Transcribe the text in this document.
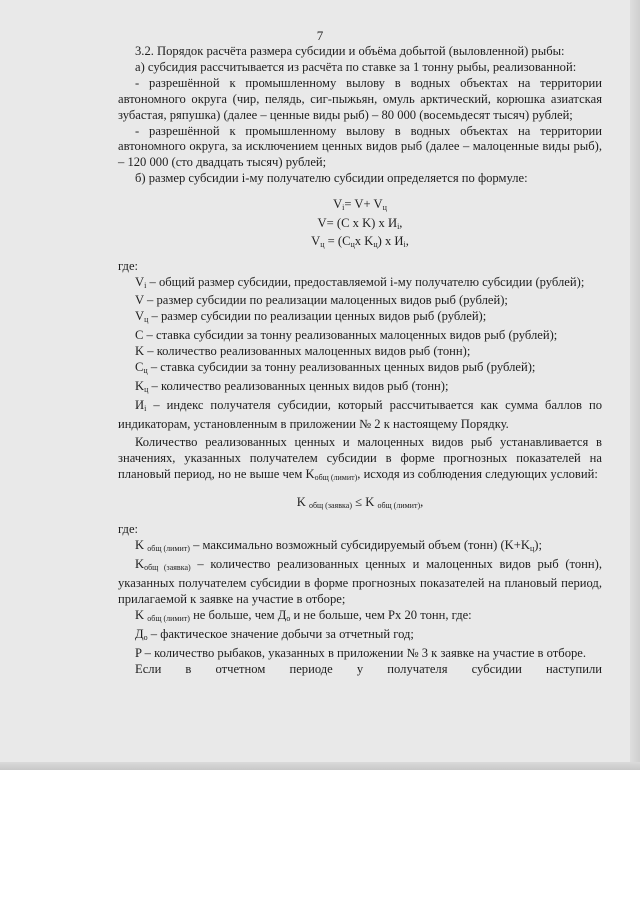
7

3.2. Порядок расчёта размера субсидии и объёма добытой (выловленной) рыбы:

а) субсидия рассчитывается из расчёта по ставке за 1 тонну рыбы, реализованной:

- разрешённой к промышленному вылову в водных объектах на территории автономного округа (чир, пелядь, сиг-пыжьян, омуль арктический, корюшка азиатская зубастая, ряпушка) (далее – ценные виды рыб) – 80 000 (восемьдесят тысяч) рублей;

- разрешённой к промышленному вылову в водных объектах на территории автономного округа, за исключением ценных видов рыб (далее – малоценные виды рыб), – 120 000 (сто двадцать тысяч) рублей;

б) размер субсидии i-му получателю субсидии определяется по формуле:

$V_i= V+ V_ц$
V= (C x K) x $И_i$,
$V_ц = (C_цx$ $K_ц$) x $И_i$,

где:

$V_i$ – общий размер субсидии, предоставляемой i-му получателю субсидии (рублей);

V – размер субсидии по реализации малоценных видов рыб (рублей);

$V_ц$ – размер субсидии по реализации ценных видов рыб (рублей);

C – ставка субсидии за тонну реализованных малоценных видов рыб (рублей);

K – количество реализованных малоценных видов рыб (тонн);

$C_ц$ – ставка субсидии за тонну реализованных ценных видов рыб (рублей);

$K_ц$ – количество реализованных ценных видов рыб (тонн);

$И_i$ – индекс получателя субсидии, который рассчитывается как сумма баллов по индикаторам, установленным в приложении № 2 к настоящему Порядку.

Количество реализованных ценных и малоценных видов рыб устанавливается в значениях, указанных получателем субсидии в форме прогнозных показателей на плановый период, но не выше чем $K_{общ (лимит)}$, исходя из соблюдения следующих условий:

K $_{общ (заявка)}$ ≤ K $_{общ (лимит)}$,

где:

K $_{общ (лимит)}$ – максимально возможный субсидируемый объем (тонн) $(K+K_ц)$;

$K_{общ (заявка)}$ – количество реализованных ценных и малоценных видов рыб (тонн), указанных получателем субсидии в форме прогнозных показателей на плановый период, прилагаемой к заявке на участие в отборе;

K $_{общ (лимит)}$ не больше, чем $Д_о$ и не больше, чем Рх 20 тонн, где:

$Д_о$ – фактическое значение добычи за отчетный год;

P – количество рыбаков, указанных в приложении № 3 к заявке на участие в отборе.

Если в отчетном периоде у получателя субсидии наступили
